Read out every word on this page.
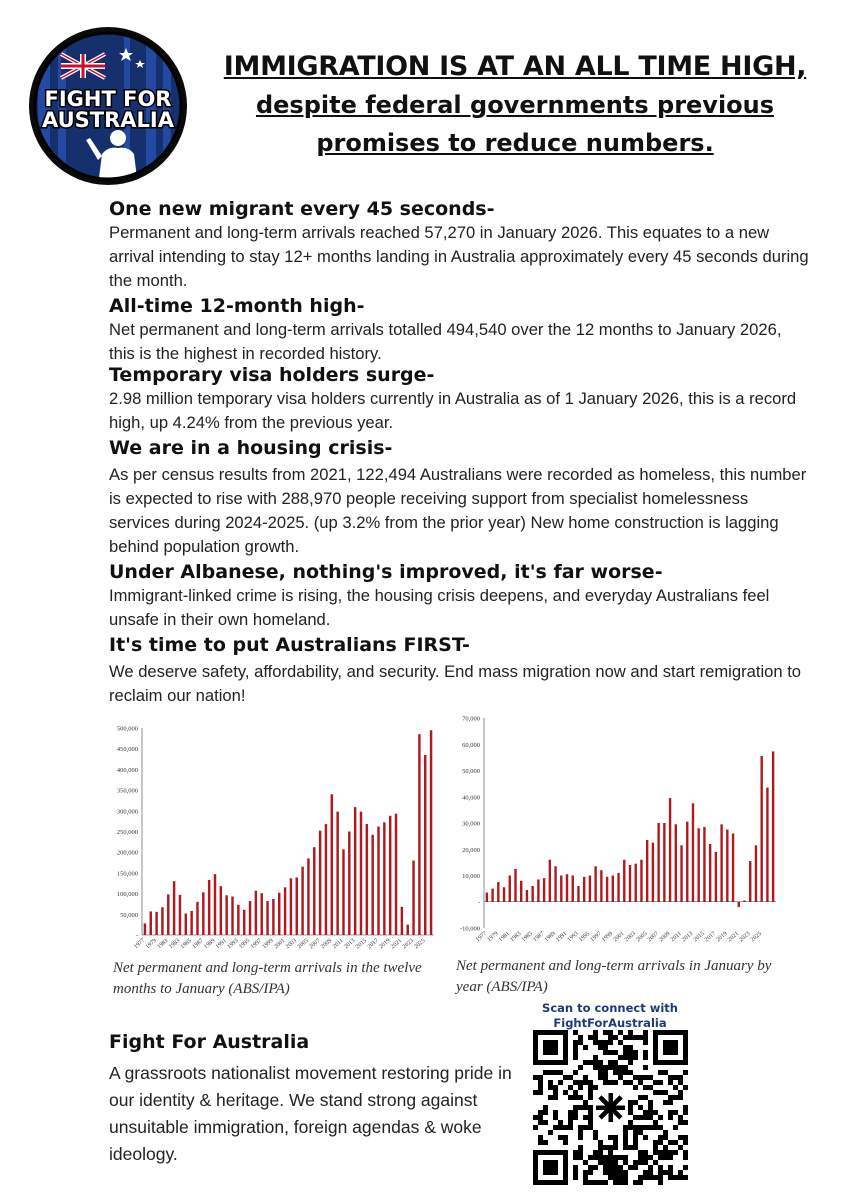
FIGHT FOR
AUSTRALIA
IMMIGRATION IS AT AN ALL TIME HIGH,
despite federal governments previous
promises to reduce numbers.
One new migrant every 45 seconds-

Permanent and long-term arrivals reached 57,270 in January 2026. This equates to a new arrival intending to stay 12+ months landing in Australia approximately every 45 seconds during the month.

All-time 12-month high-

Net permanent and long-term arrivals totalled 494,540 over the 12 months to January 2026, this is the highest in recorded history.

Temporary visa holders surge-

2.98 million temporary visa holders currently in Australia as of 1 January 2026, this is a record high, up 4.24% from the previous year.

We are in a housing crisis-

As per census results from 2021, 122,494 Australians were recorded as homeless, this number is expected to rise with 288,970 people receiving support from specialist homelessness services during 2024-2025. (up 3.2% from the prior year) New home construction is lagging behind population growth.

Under Albanese, nothing's improved, it's far worse-

Immigrant-linked crime is rising, the housing crisis deepens, and everyday Australians feel unsafe in their own homeland.

It's time to put Australians FIRST-

We deserve safety, affordability, and security. End mass migration now and start remigration to reclaim our nation!

-
50,000
100,000
150,000
200,000
250,000
300,000
350,000
400,000
450,000
500,000
1977
1979
1981
1983
1985
1987
1989
1991
1993
1995
1997
1999
2001
2003
2005
2007
2009
2011
2013
2015
2017
2019
2021
2023
2025
Net permanent and long-term arrivals in the twelve
months to January (ABS/IPA)
-10,000
-
10,000
20,000
30,000
40,000
50,000
60,000
70,000
1977
1979
1981
1983
1985
1987
1989
1991
1993
1995
1997
1999
2001
2003
2005
2007
2009
2011
2013
2015
2017
2019
2021
2023
2025
Net permanent and long-term arrivals in January by
year (ABS/IPA)
Fight For Australia
A grassroots nationalist movement restoring pride in our identity & heritage. We stand strong against unsuitable immigration, foreign agendas & woke ideology.
Scan to connect with
FightForAustralia
